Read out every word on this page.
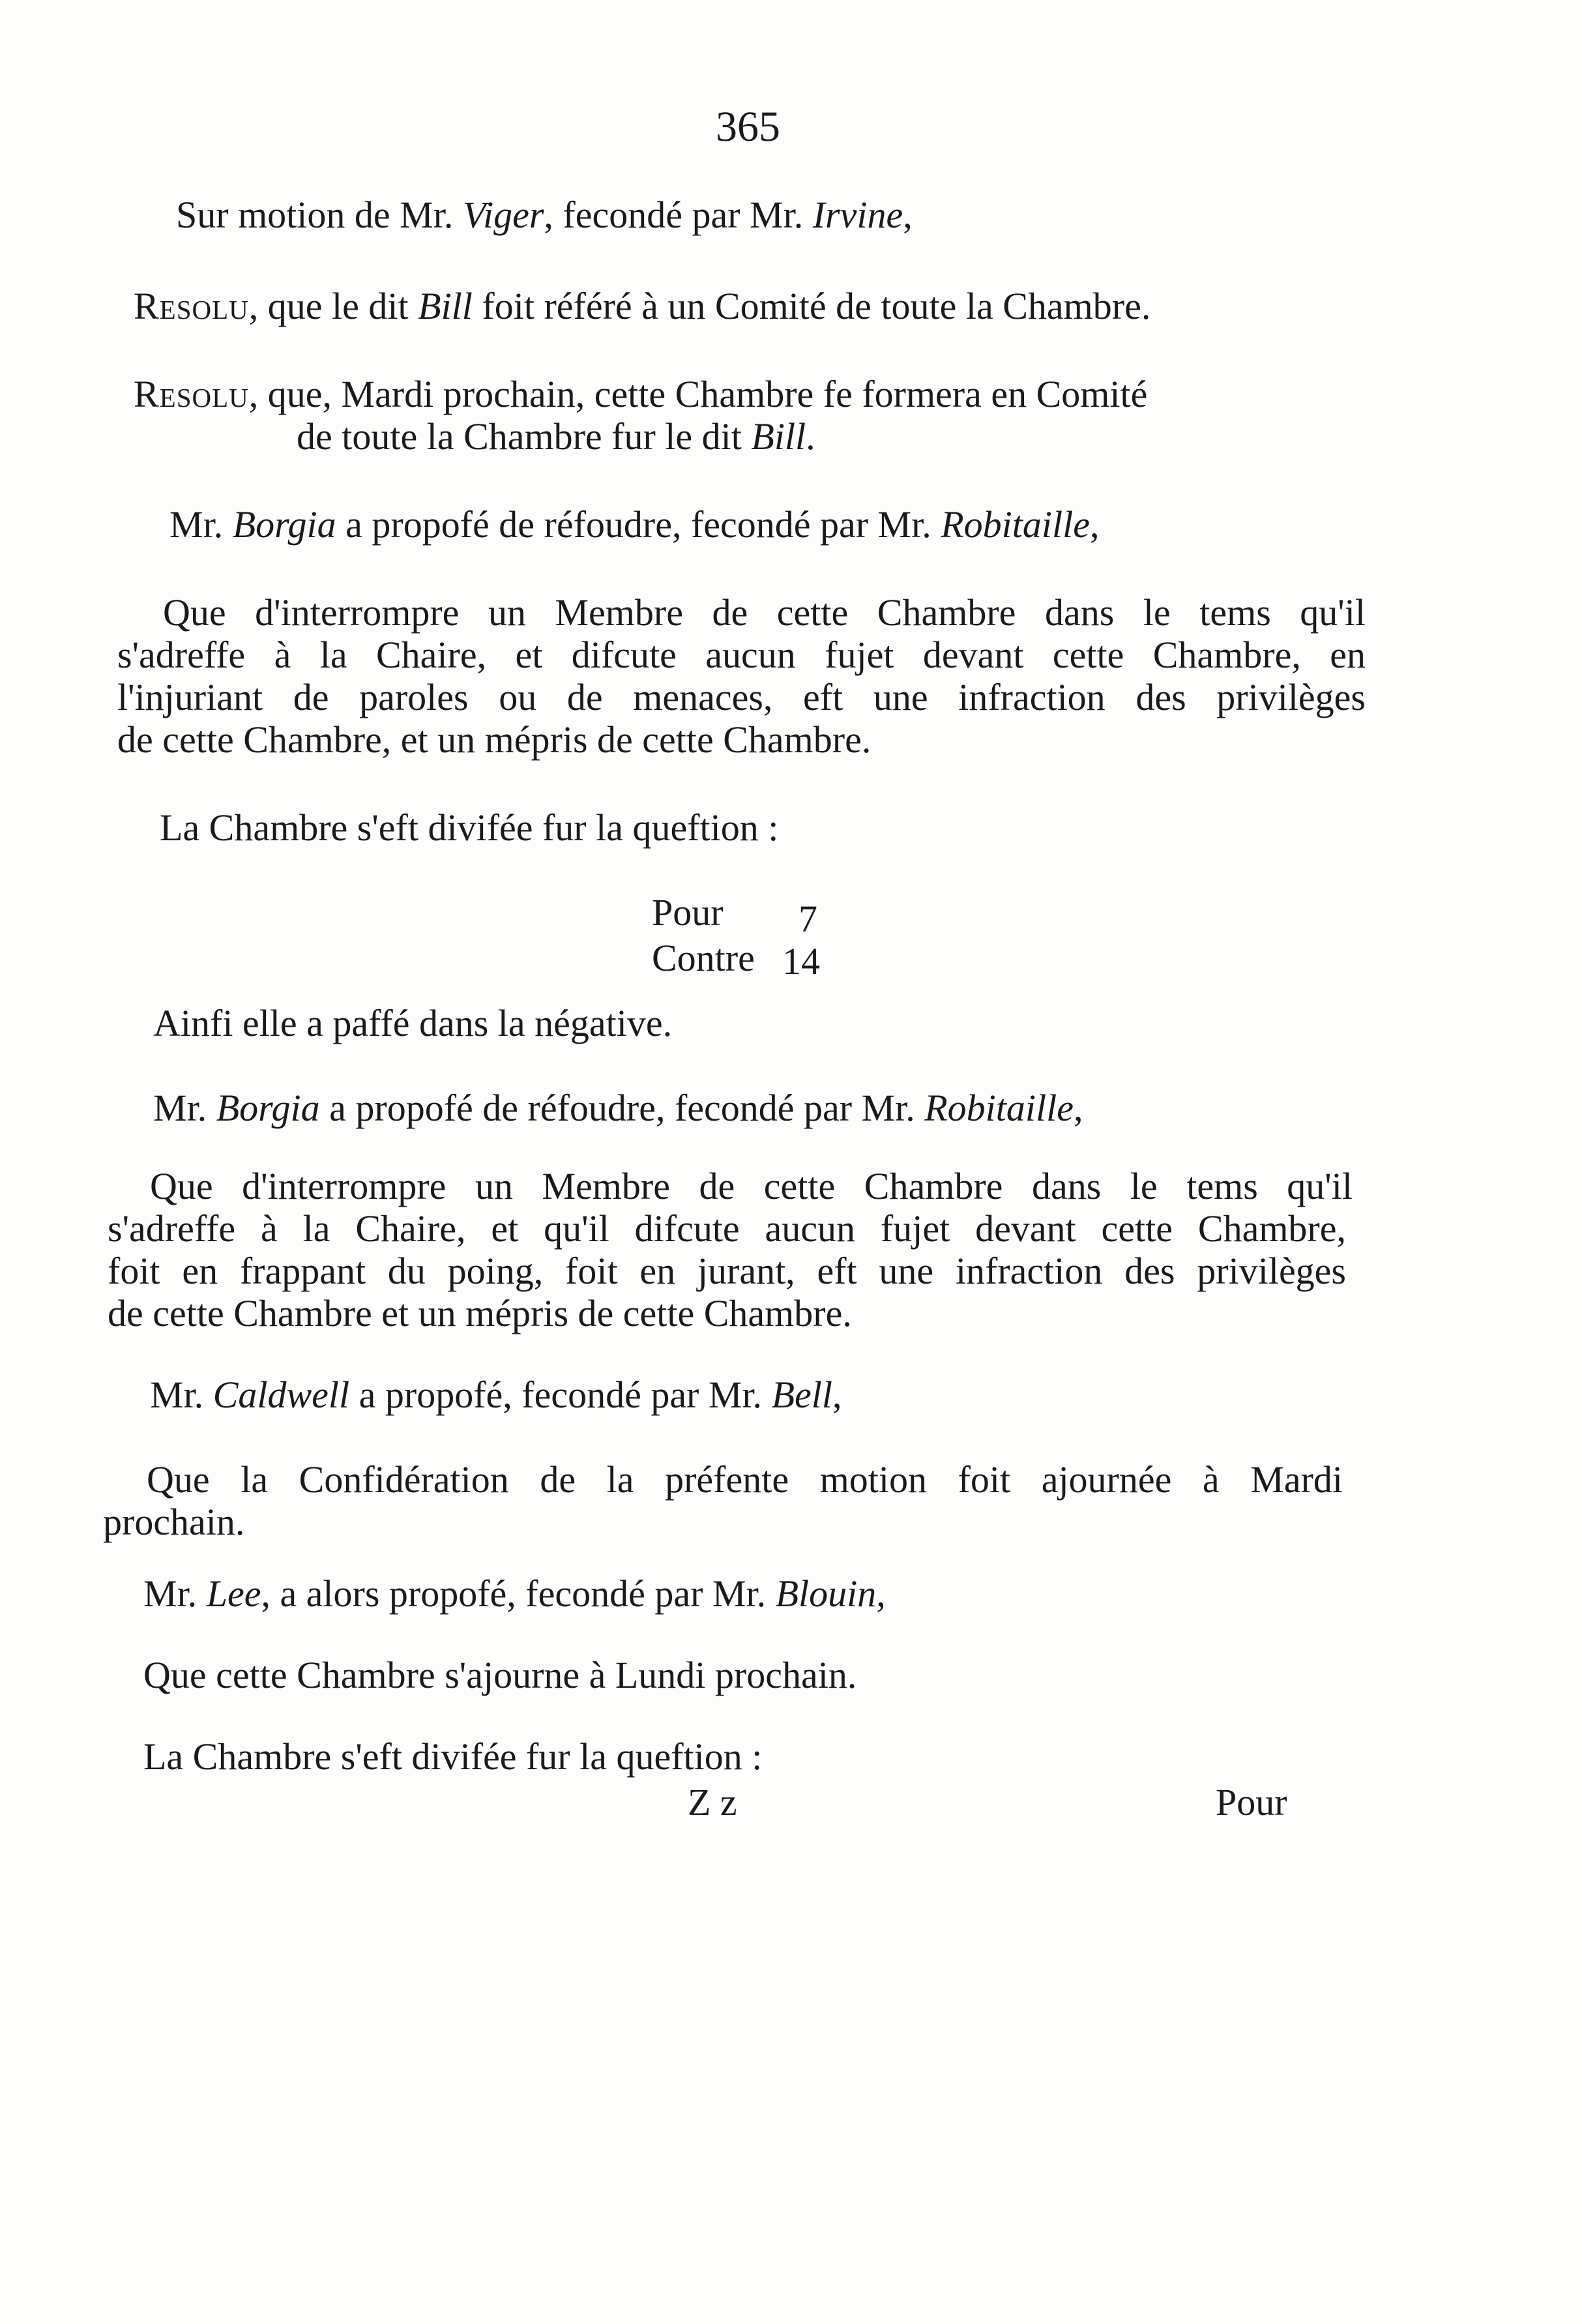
365
Sur motion de Mr. Viger, fecondé par Mr. Irvine,
Resolu, que le dit Bill foit référé à un Comité de toute la Chambre.
Resolu, que, Mardi prochain, cette Chambre fe formera en Comité
de toute la Chambre fur le dit Bill.
Mr. Borgia a propofé de réfoudre, fecondé par Mr. Robitaille,
Que d'interrompre un Membre de cette Chambre dans le tems qu'il
s'adreffe à la Chaire, et difcute aucun fujet devant cette Chambre, en
l'injuriant de paroles ou de menaces, eft une infraction des privilèges
de cette Chambre, et un mépris de cette Chambre.
La Chambre s'eft divifée fur la queftion :
Pour 7
Contre 14
Ainfi elle a paffé dans la négative.
Mr. Borgia a propofé de réfoudre, fecondé par Mr. Robitaille,
Que d'interrompre un Membre de cette Chambre dans le tems qu'il
s'adreffe à la Chaire, et qu'il difcute aucun fujet devant cette Chambre,
foit en frappant du poing, foit en jurant, eft une infraction des privilèges
de cette Chambre et un mépris de cette Chambre.
Mr. Caldwell a propofé, fecondé par Mr. Bell,
Que la Confidération de la préfente motion foit ajournée à Mardi
prochain.
Mr. Lee, a alors propofé, fecondé par Mr. Blouin,
Que cette Chambre s'ajourne à Lundi prochain.
La Chambre s'eft divifée fur la queftion :
Z z	Pour
